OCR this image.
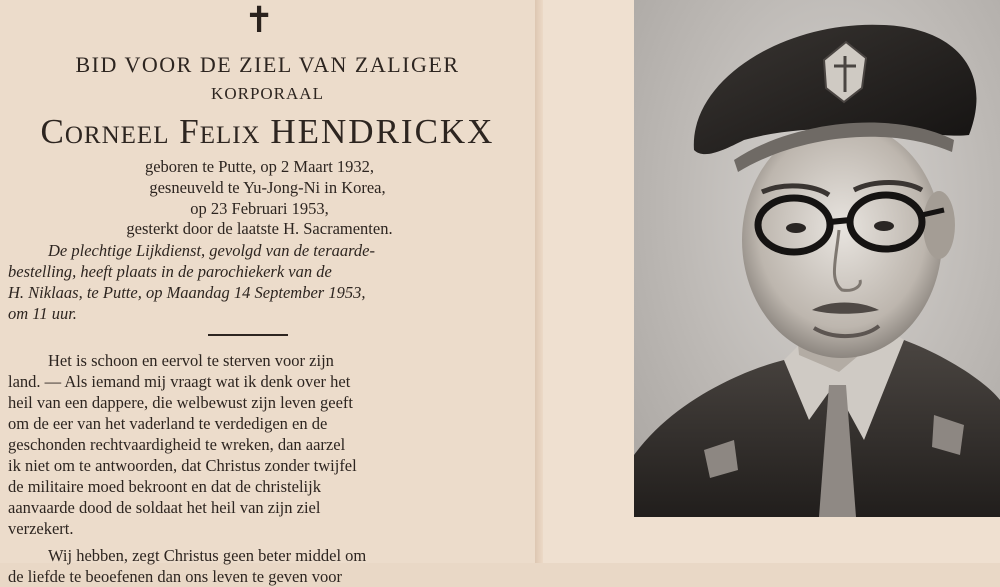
✝
BID VOOR DE ZIEL VAN ZALIGER
KORPORAAL
Corneel Felix HENDRICKX
geboren te Putte, op 2 Maart 1932,
gesneuveld te Yu-Jong-Ni in Korea,
op 23 Februari 1953,
gesterkt door de laatste H. Sacramenten.
De plechtige Lijkdienst, gevolgd van de teraarde-
bestelling, heeft plaats in de parochiekerk van de
H. Niklaas, te Putte, op Maandag 14 September 1953,
om 11 uur.
Het is schoon en eervol te sterven voor zijn
land. — Als iemand mij vraagt wat ik denk over het
heil van een dappere, die welbewust zijn leven geeft
om de eer van het vaderland te verdedigen en de
geschonden rechtvaardigheid te wreken, dan aarzel
ik niet om te antwoorden, dat Christus zonder twijfel
de militaire moed bekroont en dat de christelijk
aanvaarde dood de soldaat het heil van zijn ziel
verzekert.
Wij hebben, zegt Christus geen beter middel om
de liefde te beoefenen dan ons leven te geven voor
